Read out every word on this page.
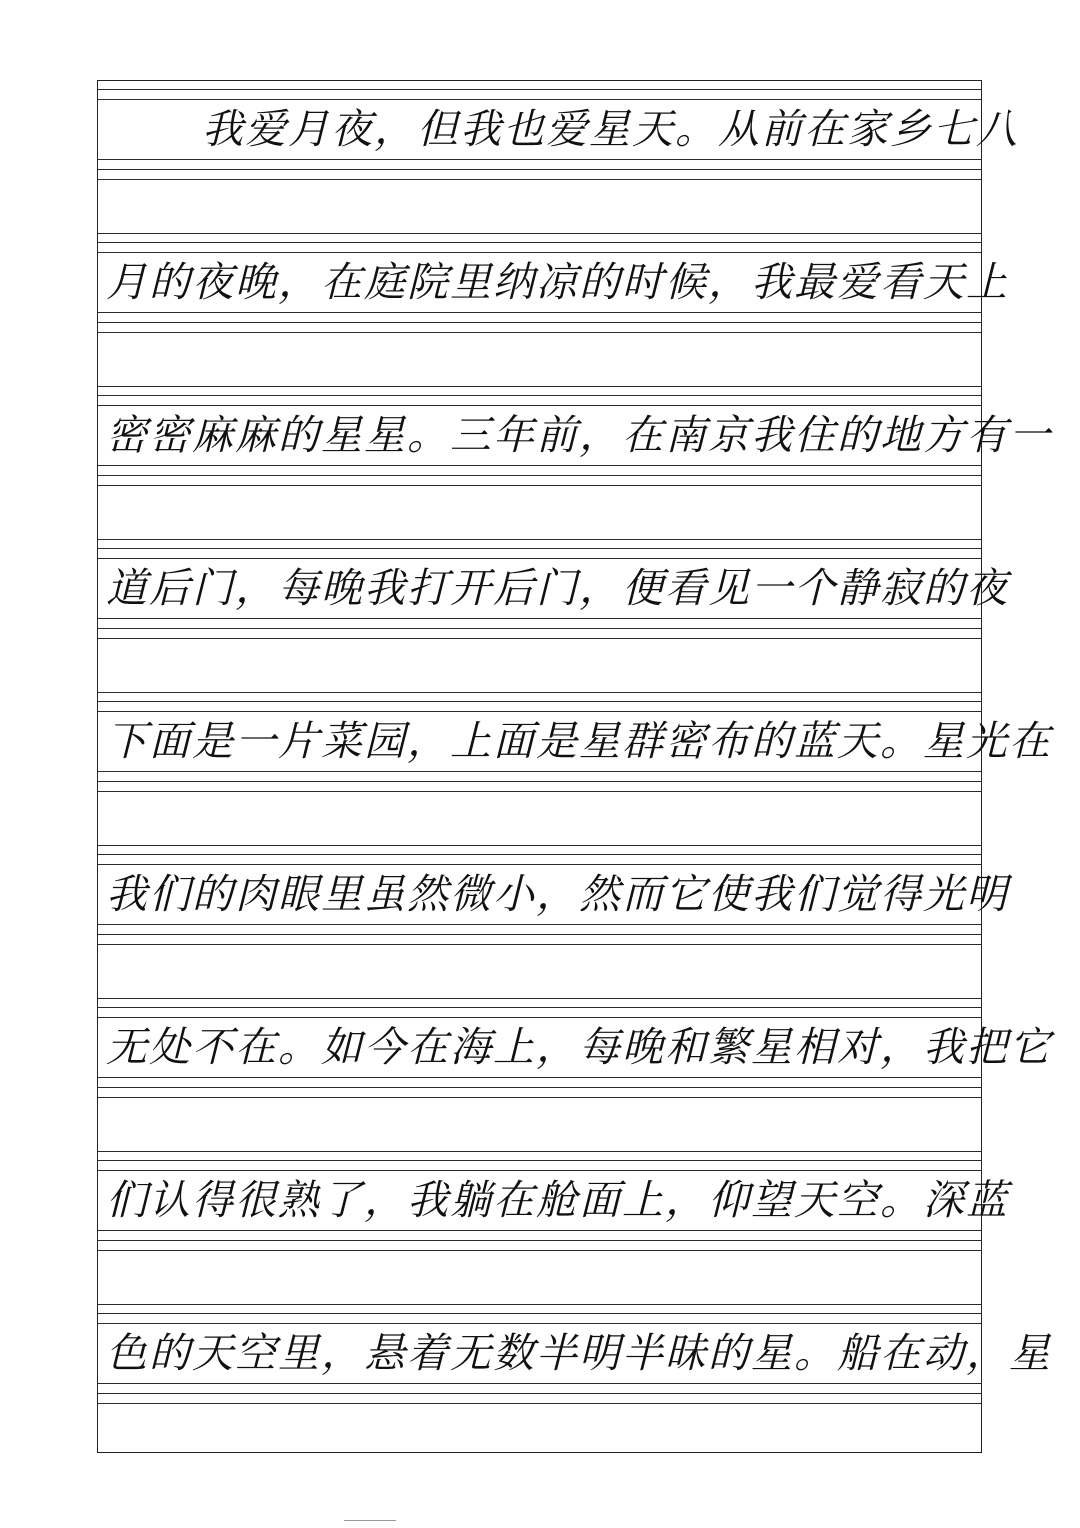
我爱月夜，但我也爱星天。从前在家乡七八
月的夜晚，在庭院里纳凉的时候，我最爱看天上
密密麻麻的星星。三年前，在南京我住的地方有一
道后门，每晚我打开后门，便看见一个静寂的夜
下面是一片菜园，上面是星群密布的蓝天。星光在
我们的肉眼里虽然微小，然而它使我们觉得光明
无处不在。如今在海上，每晚和繁星相对，我把它
们认得很熟了，我躺在舱面上，仰望天空。深蓝
色的天空里，悬着无数半明半昧的星。船在动，星
